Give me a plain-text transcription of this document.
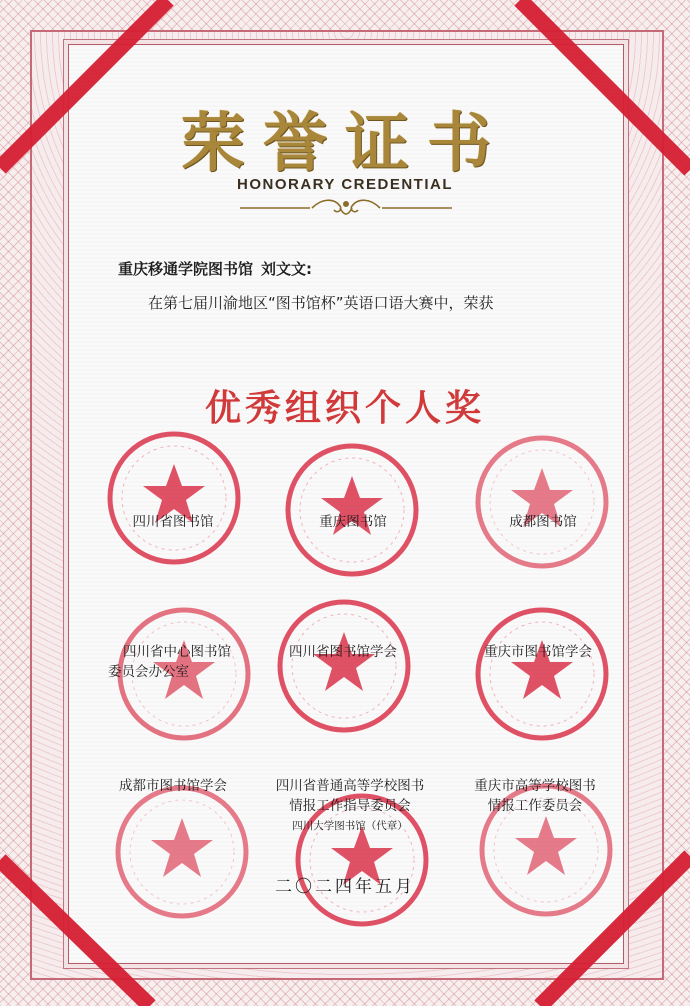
荣誉证书
HONORARY CREDENTIAL
重庆移通学院图书馆 刘文文:
在第七届川渝地区“图书馆杯”英语口语大赛中，荣获
优秀组织个人奖
四川省图书馆	重庆图书馆	成都图书馆
四川省中心图书馆
委员会办公室
四川省图书馆学会	重庆市图书馆学会
成都市图书馆学会	四川省普通高等学校图书
情报工作指导委员会
四川大学图书馆（代章）
重庆市高等学校图书
情报工作委员会
二〇二四年五月
